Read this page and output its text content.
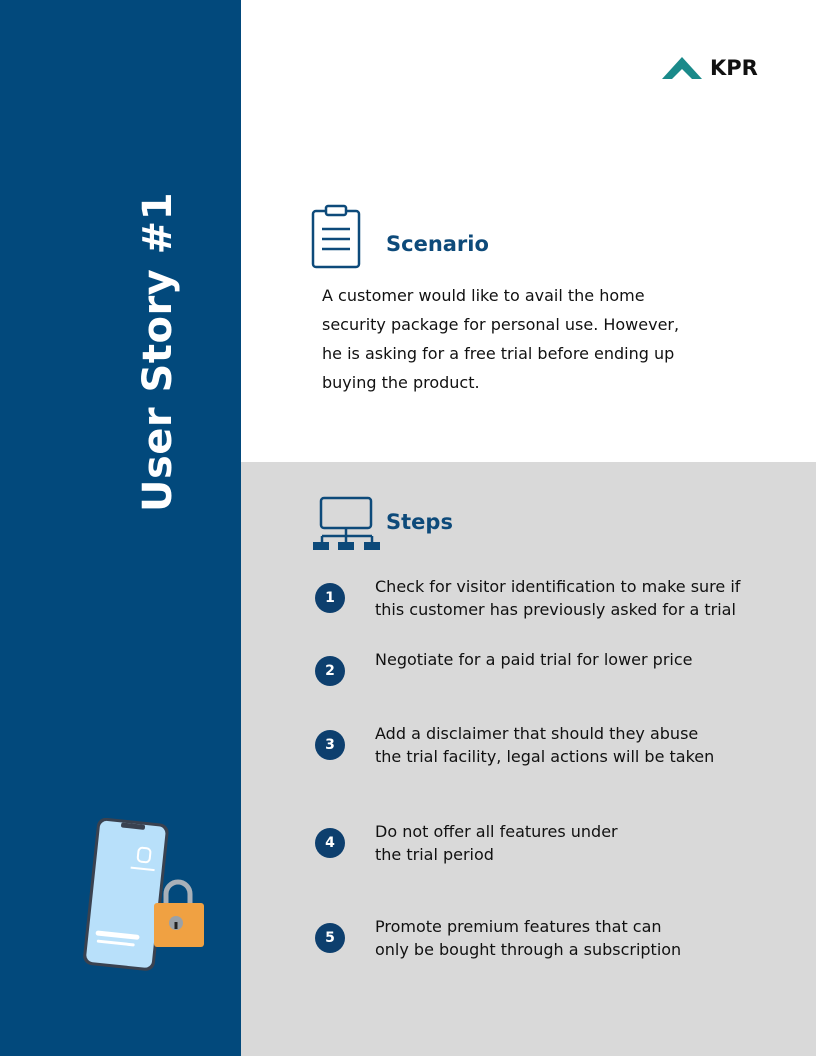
User Story #1
KPR
Scenario
A customer would like to avail the home security package for personal use. However, he is asking for a free trial before ending up buying the product.
Steps
1
Check for visitor identification to make sure if
this customer has previously asked for a trial
2
Negotiate for a paid trial for lower price
3
Add a disclaimer that should they abuse
the trial facility, legal actions will be taken
4
Do not offer all features under
the trial period
5
Promote premium features that can
only be bought through a subscription
